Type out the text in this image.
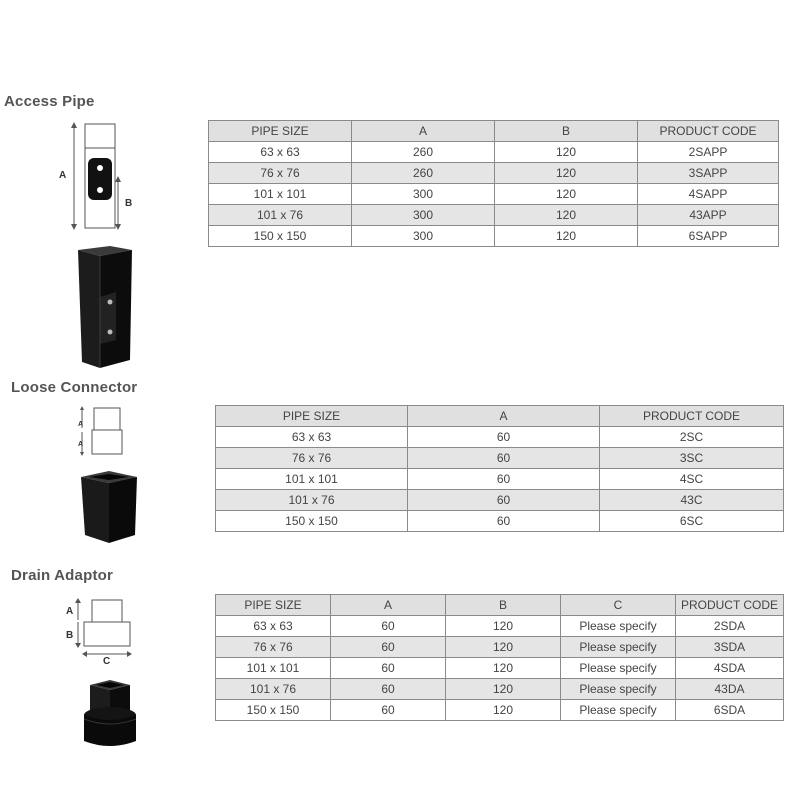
Access Pipe
A
B
PIPE SIZE	A	B	PRODUCT CODE
63 x 63	260	120	2SAPP
76 x 76	260	120	3SAPP
101 x 101	300	120	4SAPP
101 x 76	300	120	43APP
150 x 150	300	120	6SAPP
Loose Connector
A
A
PIPE SIZE	A	PRODUCT CODE
63 x 63	60	2SC
76 x 76	60	3SC
101 x 101	60	4SC
101 x 76	60	43C
150 x 150	60	6SC
Drain Adaptor
A
B
C
PIPE SIZE	A	B	C	PRODUCT CODE
63 x 63	60	120	Please specify	2SDA
76 x 76	60	120	Please specify	3SDA
101 x 101	60	120	Please specify	4SDA
101 x 76	60	120	Please specify	43DA
150 x 150	60	120	Please specify	6SDA
